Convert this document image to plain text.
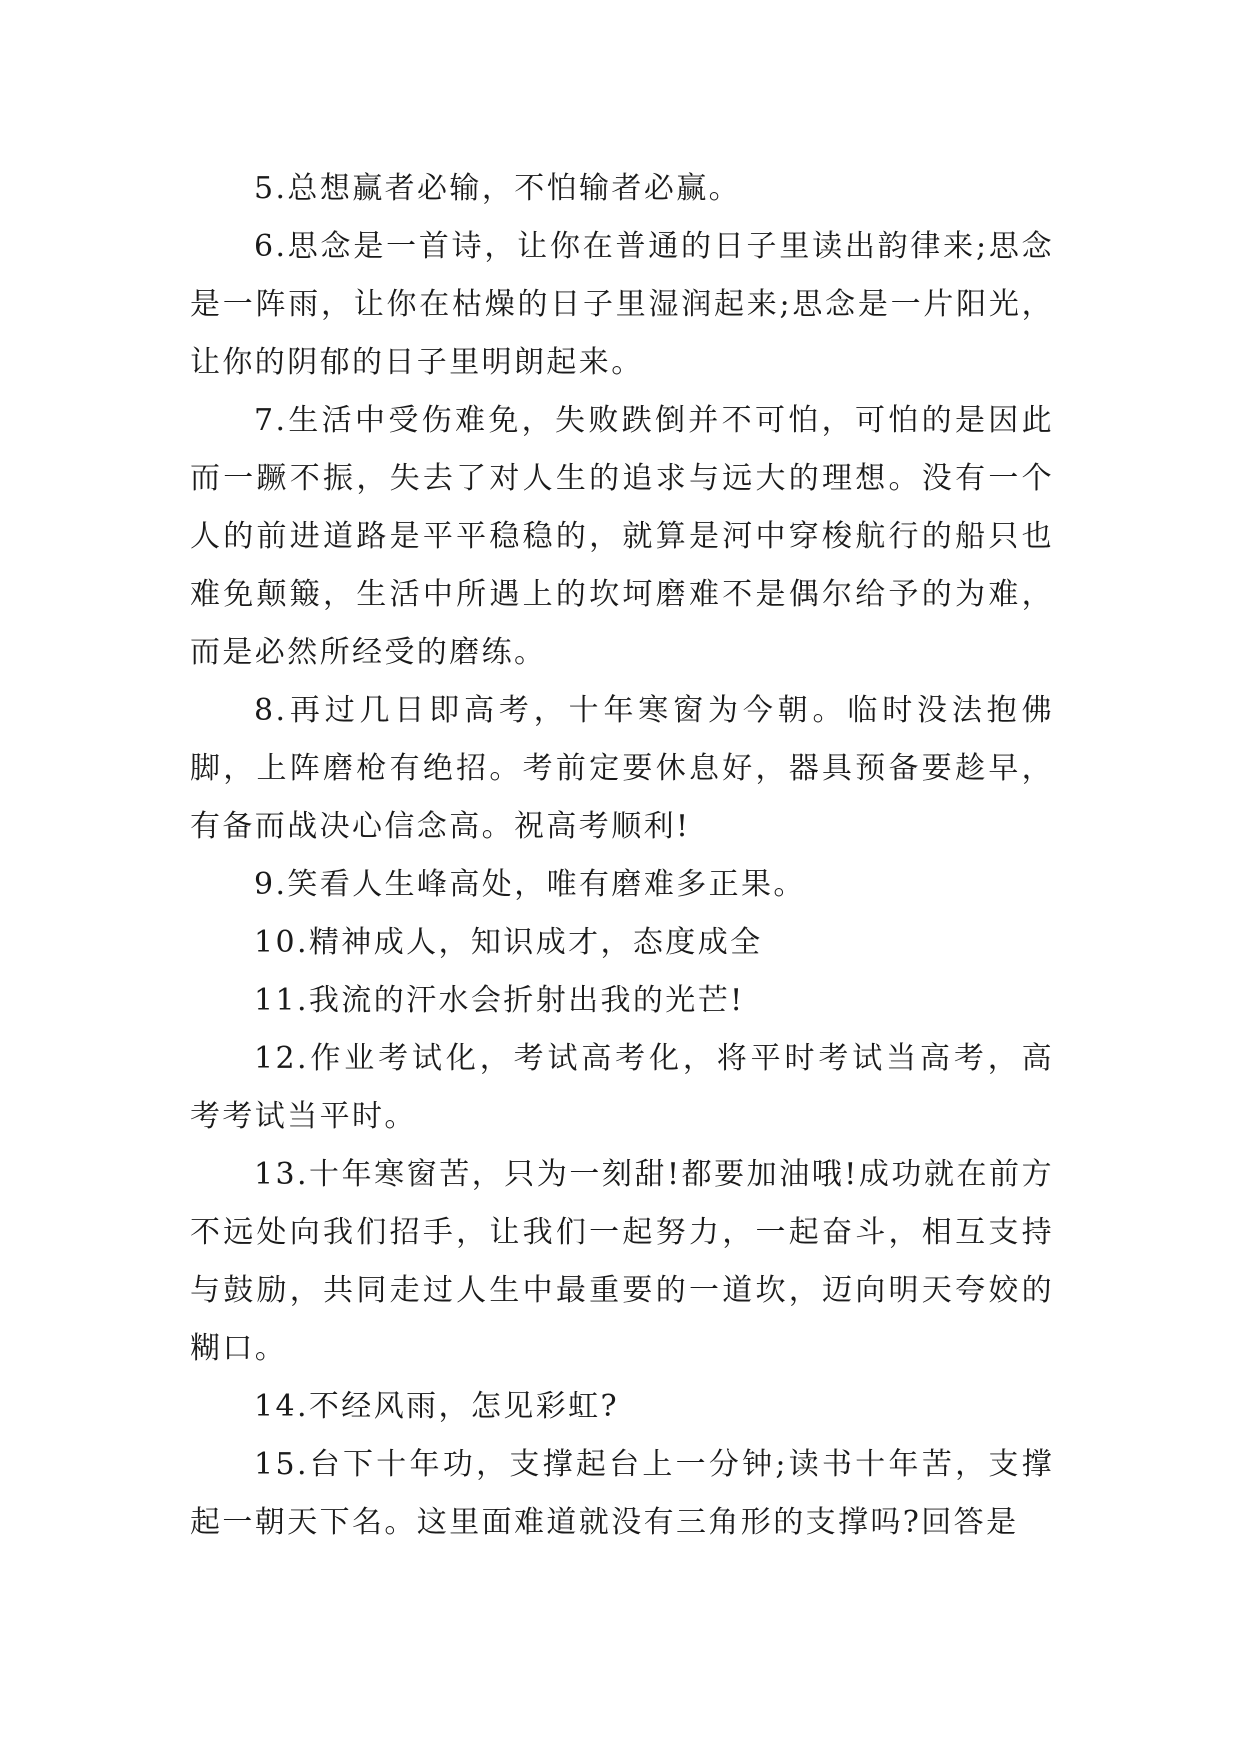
5.总想赢者必输，不怕输者必赢。

6.思念是一首诗，让你在普通的日子里读出韵律来;思念是一阵雨，让你在枯燥的日子里湿润起来;思念是一片阳光，让你的阴郁的日子里明朗起来。

7.生活中受伤难免，失败跌倒并不可怕，可怕的是因此而一蹶不振，失去了对人生的追求与远大的理想。没有一个人的前进道路是平平稳稳的，就算是河中穿梭航行的船只也难免颠簸，生活中所遇上的坎坷磨难不是偶尔给予的为难，而是必然所经受的磨练。

8.再过几日即高考，十年寒窗为今朝。临时没法抱佛脚，上阵磨枪有绝招。考前定要休息好，器具预备要趁早，有备而战决心信念高。祝高考顺利!

9.笑看人生峰高处，唯有磨难多正果。

10.精神成人，知识成才，态度成全

11.我流的汗水会折射出我的光芒!

12.作业考试化，考试高考化，将平时考试当高考，高考考试当平时。

13.十年寒窗苦，只为一刻甜!都要加油哦!成功就在前方不远处向我们招手，让我们一起努力，一起奋斗，相互支持与鼓励，共同走过人生中最重要的一道坎，迈向明天夸姣的糊口。

14.不经风雨，怎见彩虹?

15.台下十年功，支撑起台上一分钟;读书十年苦，支撑起一朝天下名。这里面难道就没有三角形的支撑吗?回答是
